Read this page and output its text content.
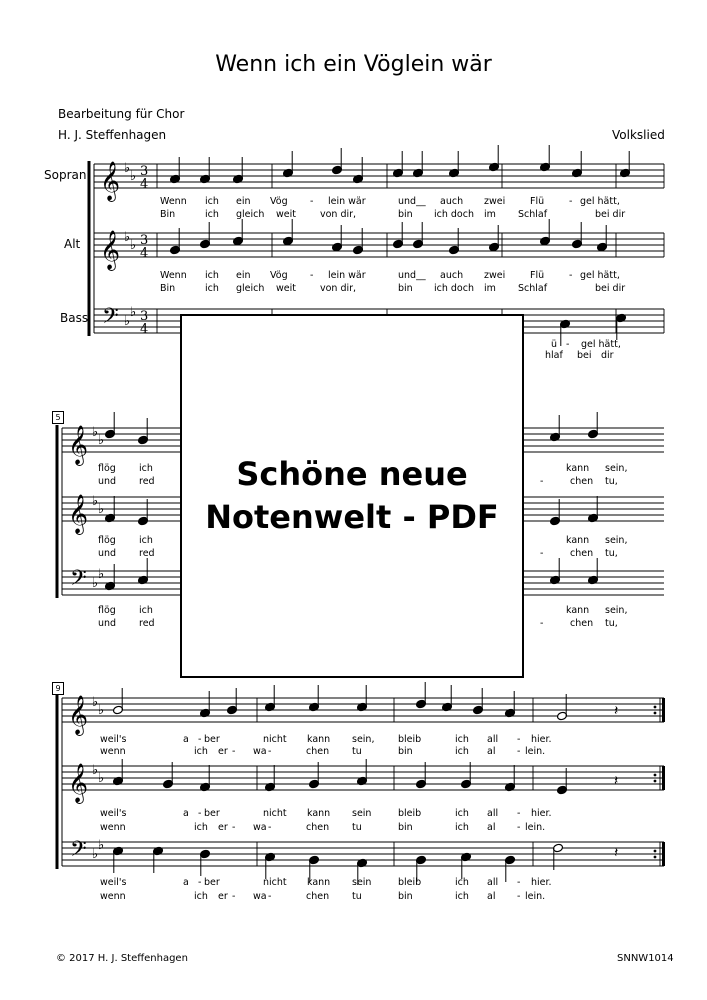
𝄞 ♭
♭
𝄞 ♭
♭
𝄢 ♭
♭
3
4
3
4
3
4
𝄞 ♭
♭
𝄞 ♭
♭
𝄢 ♭
♭
𝄞 ♭
♭
𝄞 ♭
♭
𝄢 ♭
♭
𝄽
𝄽
𝄽
Wenn ich ein Vöglein wär
Bearbeitung für Chor
H. J. Steffenhagen	Volkslied
Sopran
Alt
Bass
5
9
Wenn ich ein Vög - lein wär	und__ auch zwei	Flü	- gel hätt,
Bin	ich gleich weit	von dir,	bin ich doch im Schlaf	bei dir
Wenn ich ein Vög - lein wär	und__ auch zwei	Flü	- gel hätt,
Bin	ich gleich weit	von dir,	bin ich doch im Schlaf	bei dir
ü - gel hätt,
hlaf bei dir
flög ich	kann sein,
und red	-	chen tu,
flög ich	kann sein,
und red	-	chen tu,
flög ich	kann sein,
und red	-	chen tu,
weil's	a - ber	nicht kann sein, bleib	ich all - hier.
wenn	ich er - wa -	chen tu	bin	ich al - lein.
weil's	a - ber	nicht kann sein	bleib	ich all - hier.
wenn	ich er - wa -	chen tu	bin	ich al - lein.
weil's	a - ber	nicht kann sein	bleib	ich all - hier.
wenn	ich er - wa -	chen tu	bin	ich al - lein.
Schöne neue
Notenwelt - PDF
© 2017 H. J. Steffenhagen	SNNW1014
